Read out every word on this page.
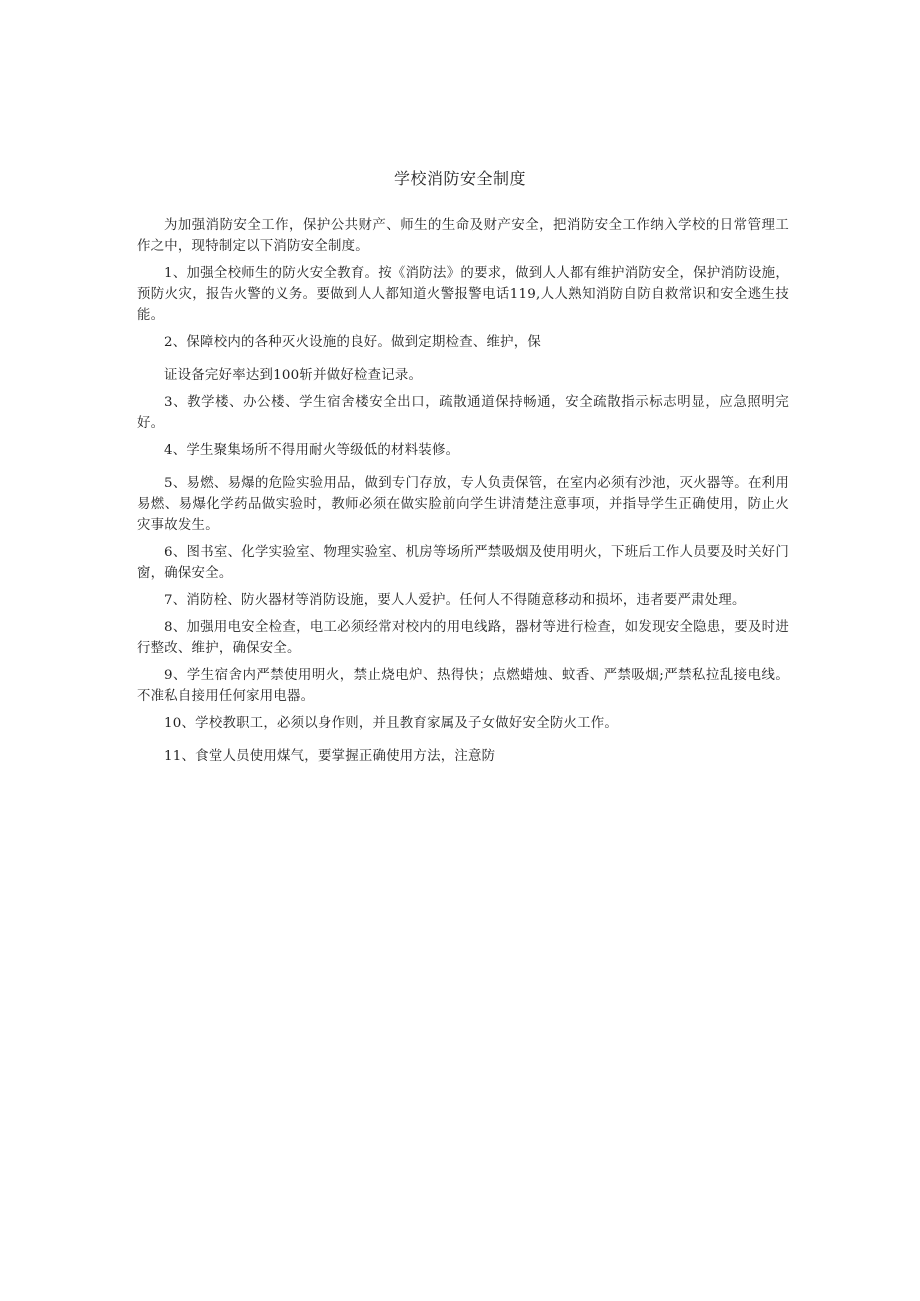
学校消防安全制度

为加强消防安全工作，保护公共财产、师生的生命及财产安全，把消防安全工作纳入学校的日常管理工作之中，现特制定以下消防安全制度。

1、加强全校师生的防火安全教育。按《消防法》的要求，做到人人都有维护消防安全，保护消防设施，预防火灾，报告火警的义务。要做到人人都知道火警报警电话119,人人熟知消防自防自救常识和安全逃生技能。

2、保障校内的各种灭火设施的良好。做到定期检查、维护，保

证设备完好率达到100斩并做好检查记录。

3、教学楼、办公楼、学生宿舍楼安全出口，疏散通道保持畅通，安全疏散指示标志明显，应急照明完好。

4、学生聚集场所不得用耐火等级低的材料装修。

5、易燃、易爆的危险实验用品，做到专门存放，专人负责保管，在室内必须有沙池，灭火器等。在利用易燃、易爆化学药品做实验时，教师必须在做实脸前向学生讲清楚注意事项，并指导学生正确使用，防止火灾事故发生。

6、图书室、化学实验室、物理实验室、机房等场所严禁吸烟及使用明火，下班后工作人员要及时关好门窗，确保安全。

7、消防栓、防火器材等消防设施，要人人爱护。任何人不得随意移动和损坏，违者要严肃处理。

8、加强用电安全检查，电工必须经常对校内的用电线路，器材等进行检查，如发现安全隐患，要及时进行整改、维护，确保安全。

9、学生宿舍内严禁使用明火，禁止烧电炉、热得快；点燃蜡烛、蚊香、严禁吸烟;严禁私拉乱接电线。不准私自接用任何家用电器。

10、学校教职工，必须以身作则，并且教育家属及子女做好安全防火工作。

11、食堂人员使用煤气，要掌握正确使用方法，注意防
